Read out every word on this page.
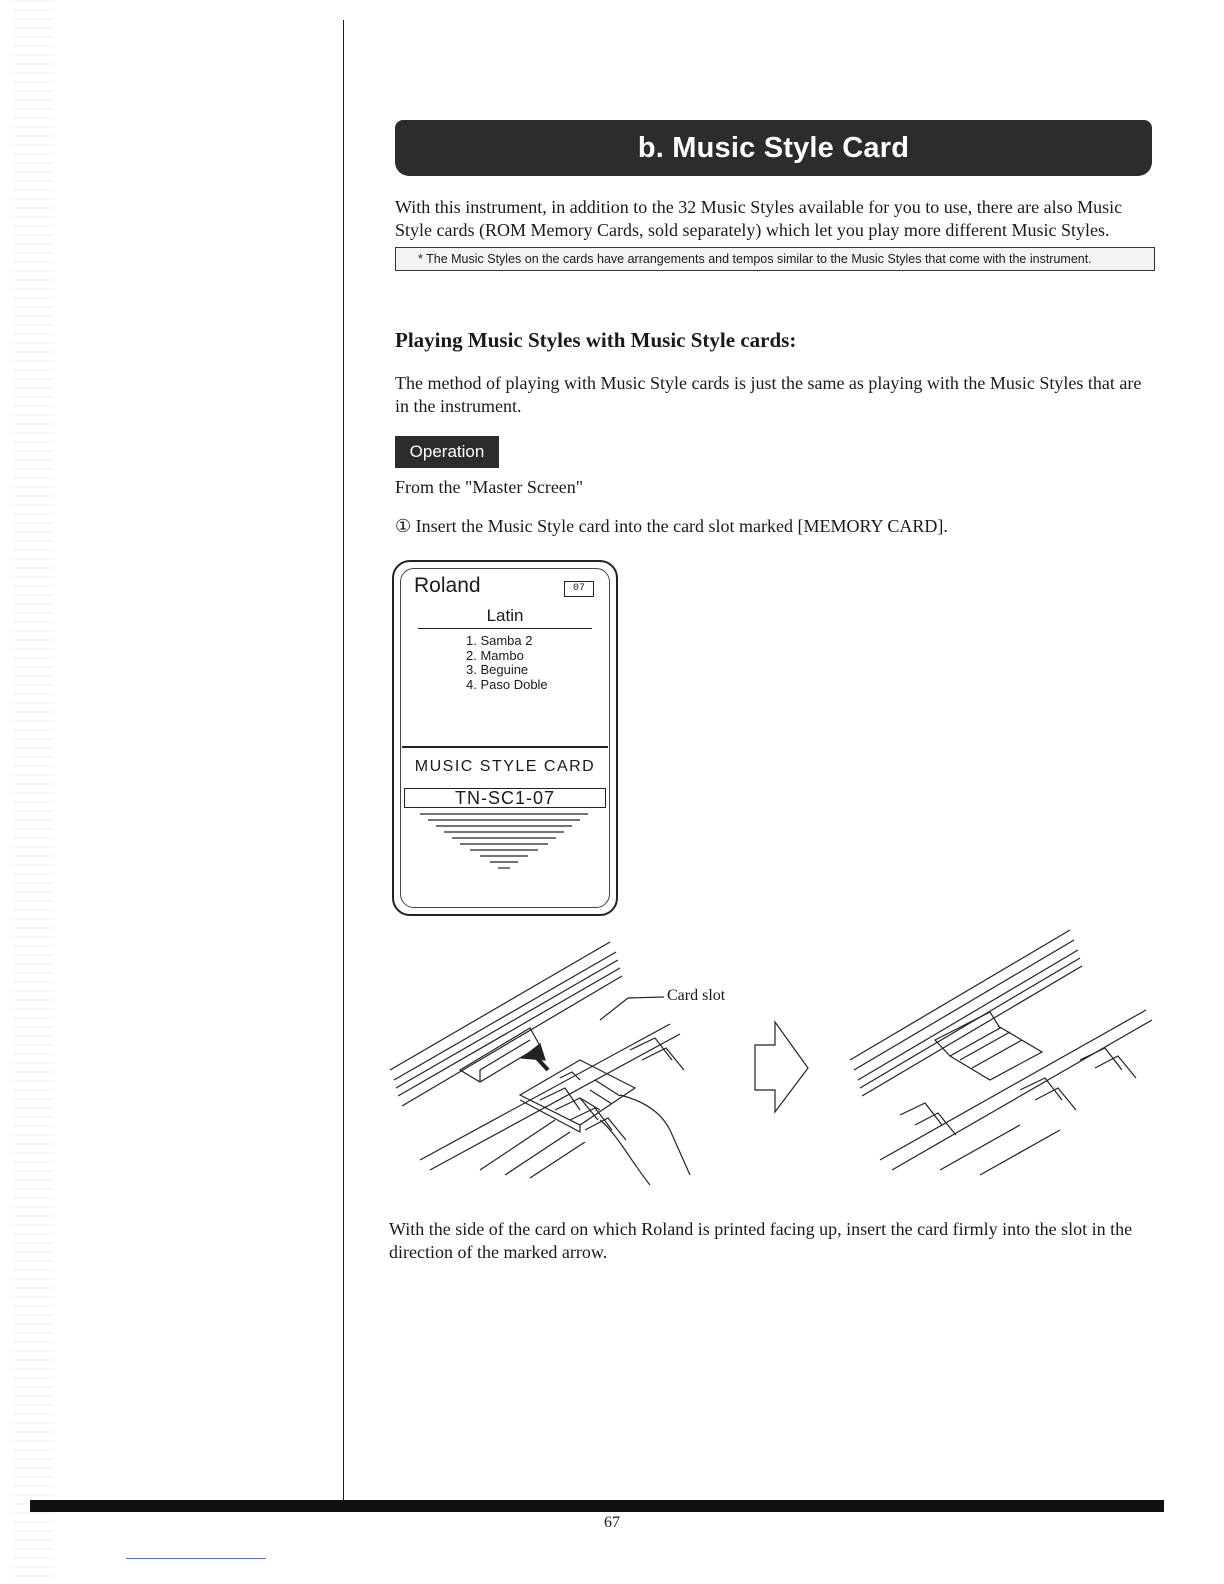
b. Music Style Card
With this instrument, in addition to the 32 Music Styles available for you to use, there are also Music Style cards (ROM Memory Cards, sold separately) which let you play more different Music Styles.
* The Music Styles on the cards have arrangements and tempos similar to the Music Styles that come with the instrument.
Playing Music Styles with Music Style cards:
The method of playing with Music Style cards is just the same as playing with the Music Styles that are in the instrument.
Operation
From the "Master Screen"
① Insert the Music Style card into the card slot marked [MEMORY CARD].
Roland	07
Latin
1. Samba 2
2. Mambo
3. Beguine
4. Paso Doble
MUSIC STYLE CARD
TN-SC1-07
Card slot
With the side of the card on which Roland is printed facing up, insert the card firmly into the slot in the direction of the marked arrow.
67
